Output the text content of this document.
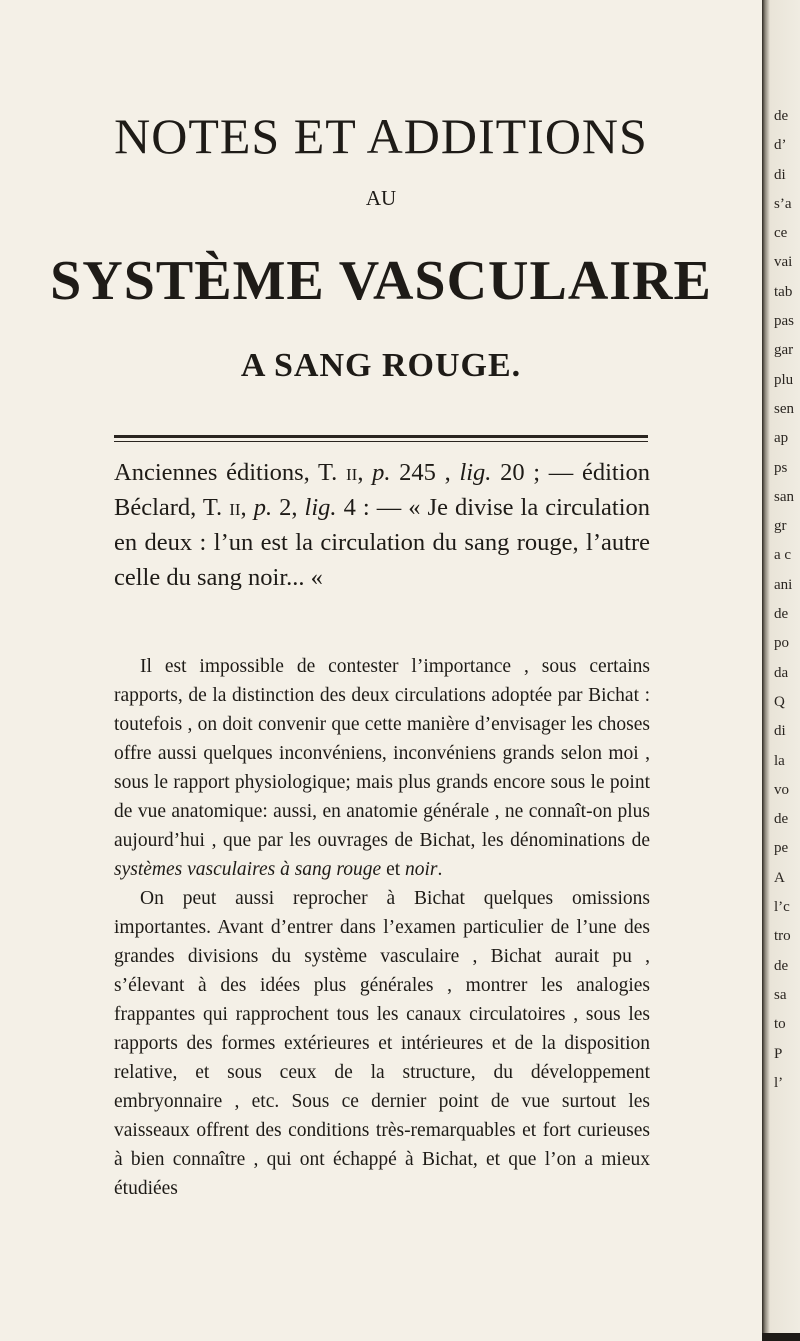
NOTES ET ADDITIONS
AU
SYSTÈME VASCULAIRE
A SANG ROUGE.
Anciennes éditions, T. ii, p. 245 , lig. 20 ; — édition Béclard, T. ii, p. 2, lig. 4 : — « Je divise la circulation en deux : l’un est la circulation du sang rouge, l’autre celle du sang noir... «

Il est impossible de contester l’importance , sous certains rapports, de la distinction des deux circulations adoptée par Bichat : toutefois , on doit convenir que cette manière d’envisager les choses offre aussi quelques inconvéniens, inconvéniens grands selon moi , sous le rapport physiologique; mais plus grands encore sous le point de vue anatomique: aussi, en anatomie générale , ne connaît-on plus aujourd’hui , que par les ouvrages de Bichat, les dénominations de systèmes vasculaires à sang rouge et noir.

On peut aussi reprocher à Bichat quelques omissions importantes. Avant d’entrer dans l’examen particulier de l’une des grandes divisions du système vasculaire , Bichat aurait pu , s’élevant à des idées plus générales , montrer les analogies frappantes qui rapprochent tous les canaux circulatoires , sous les rapports des formes extérieures et intérieures et de la disposition relative, et sous ceux de la structure, du développement embryonnaire , etc. Sous ce dernier point de vue surtout les vaisseaux offrent des conditions très-remarquables et fort curieuses à bien connaître , qui ont échappé à Bichat, et que l’on a mieux étudiées

de
d’
di
s’a
ce
vai
tab
pas
gar
plu
sen
ap
ps
san
gr
a c
ani
de
po
da
Q
di
la
vo
de
pe
A
l’c
tro
de
sa
to
P
l’
